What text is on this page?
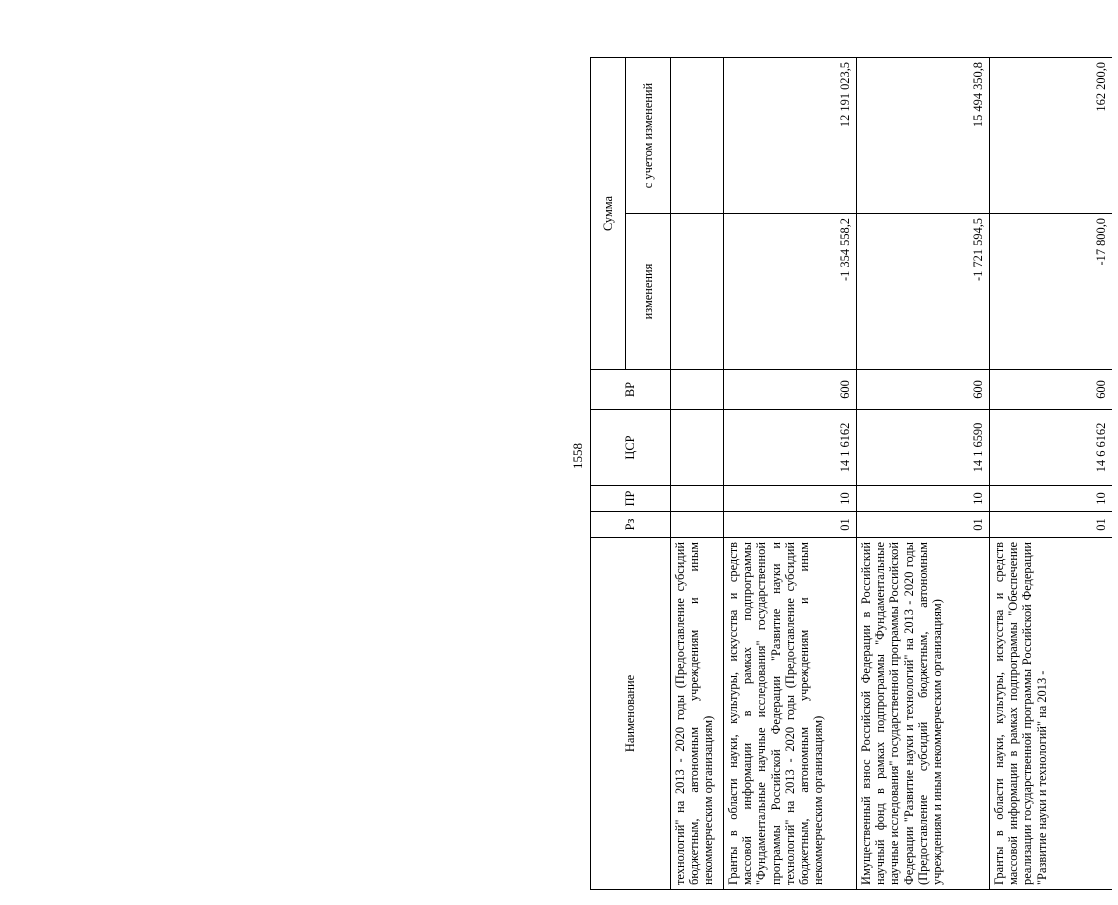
1558
Наименование	Рз	ПР	ЦСР	ВР	Сумма	
					изменения	с учетом изменений
технологий" на 2013 - 2020 годы (Предоставление субсидий бюджетным, автономным учреждениям и иным некоммерческим организациям)						
Гранты в области науки, культуры, искусства и средств массовой информации в рамках подпрограммы "Фундаментальные научные исследования" государственной программы Российской Федерации "Развитие науки и технологий" на 2013 - 2020 годы (Предоставление субсидий бюджетным, автономным учреждениям и иным некоммерческим организациям)	01	10	14 1 6162	600	-1 354 558,2	12 191 023,5
Имущественный взнос Российской Федерации в Российский научный фонд в рамках подпрограммы "Фундаментальные научные исследования" государственной программы Российской Федерации "Развитие науки и технологий" на 2013 - 2020 годы (Предоставление субсидий бюджетным, автономным учреждениям и иным некоммерческим организациям)	01	10	14 1 6590	600	-1 721 594,5	15 494 350,8
Гранты в области науки, культуры, искусства и средств массовой информации в рамках подпрограммы "Обеспечение реализации государственной программы Российской Федерации "Развитие науки и технологий" на 2013 -	01	10	14 6 6162	600	-17 800,0	162 200,0
